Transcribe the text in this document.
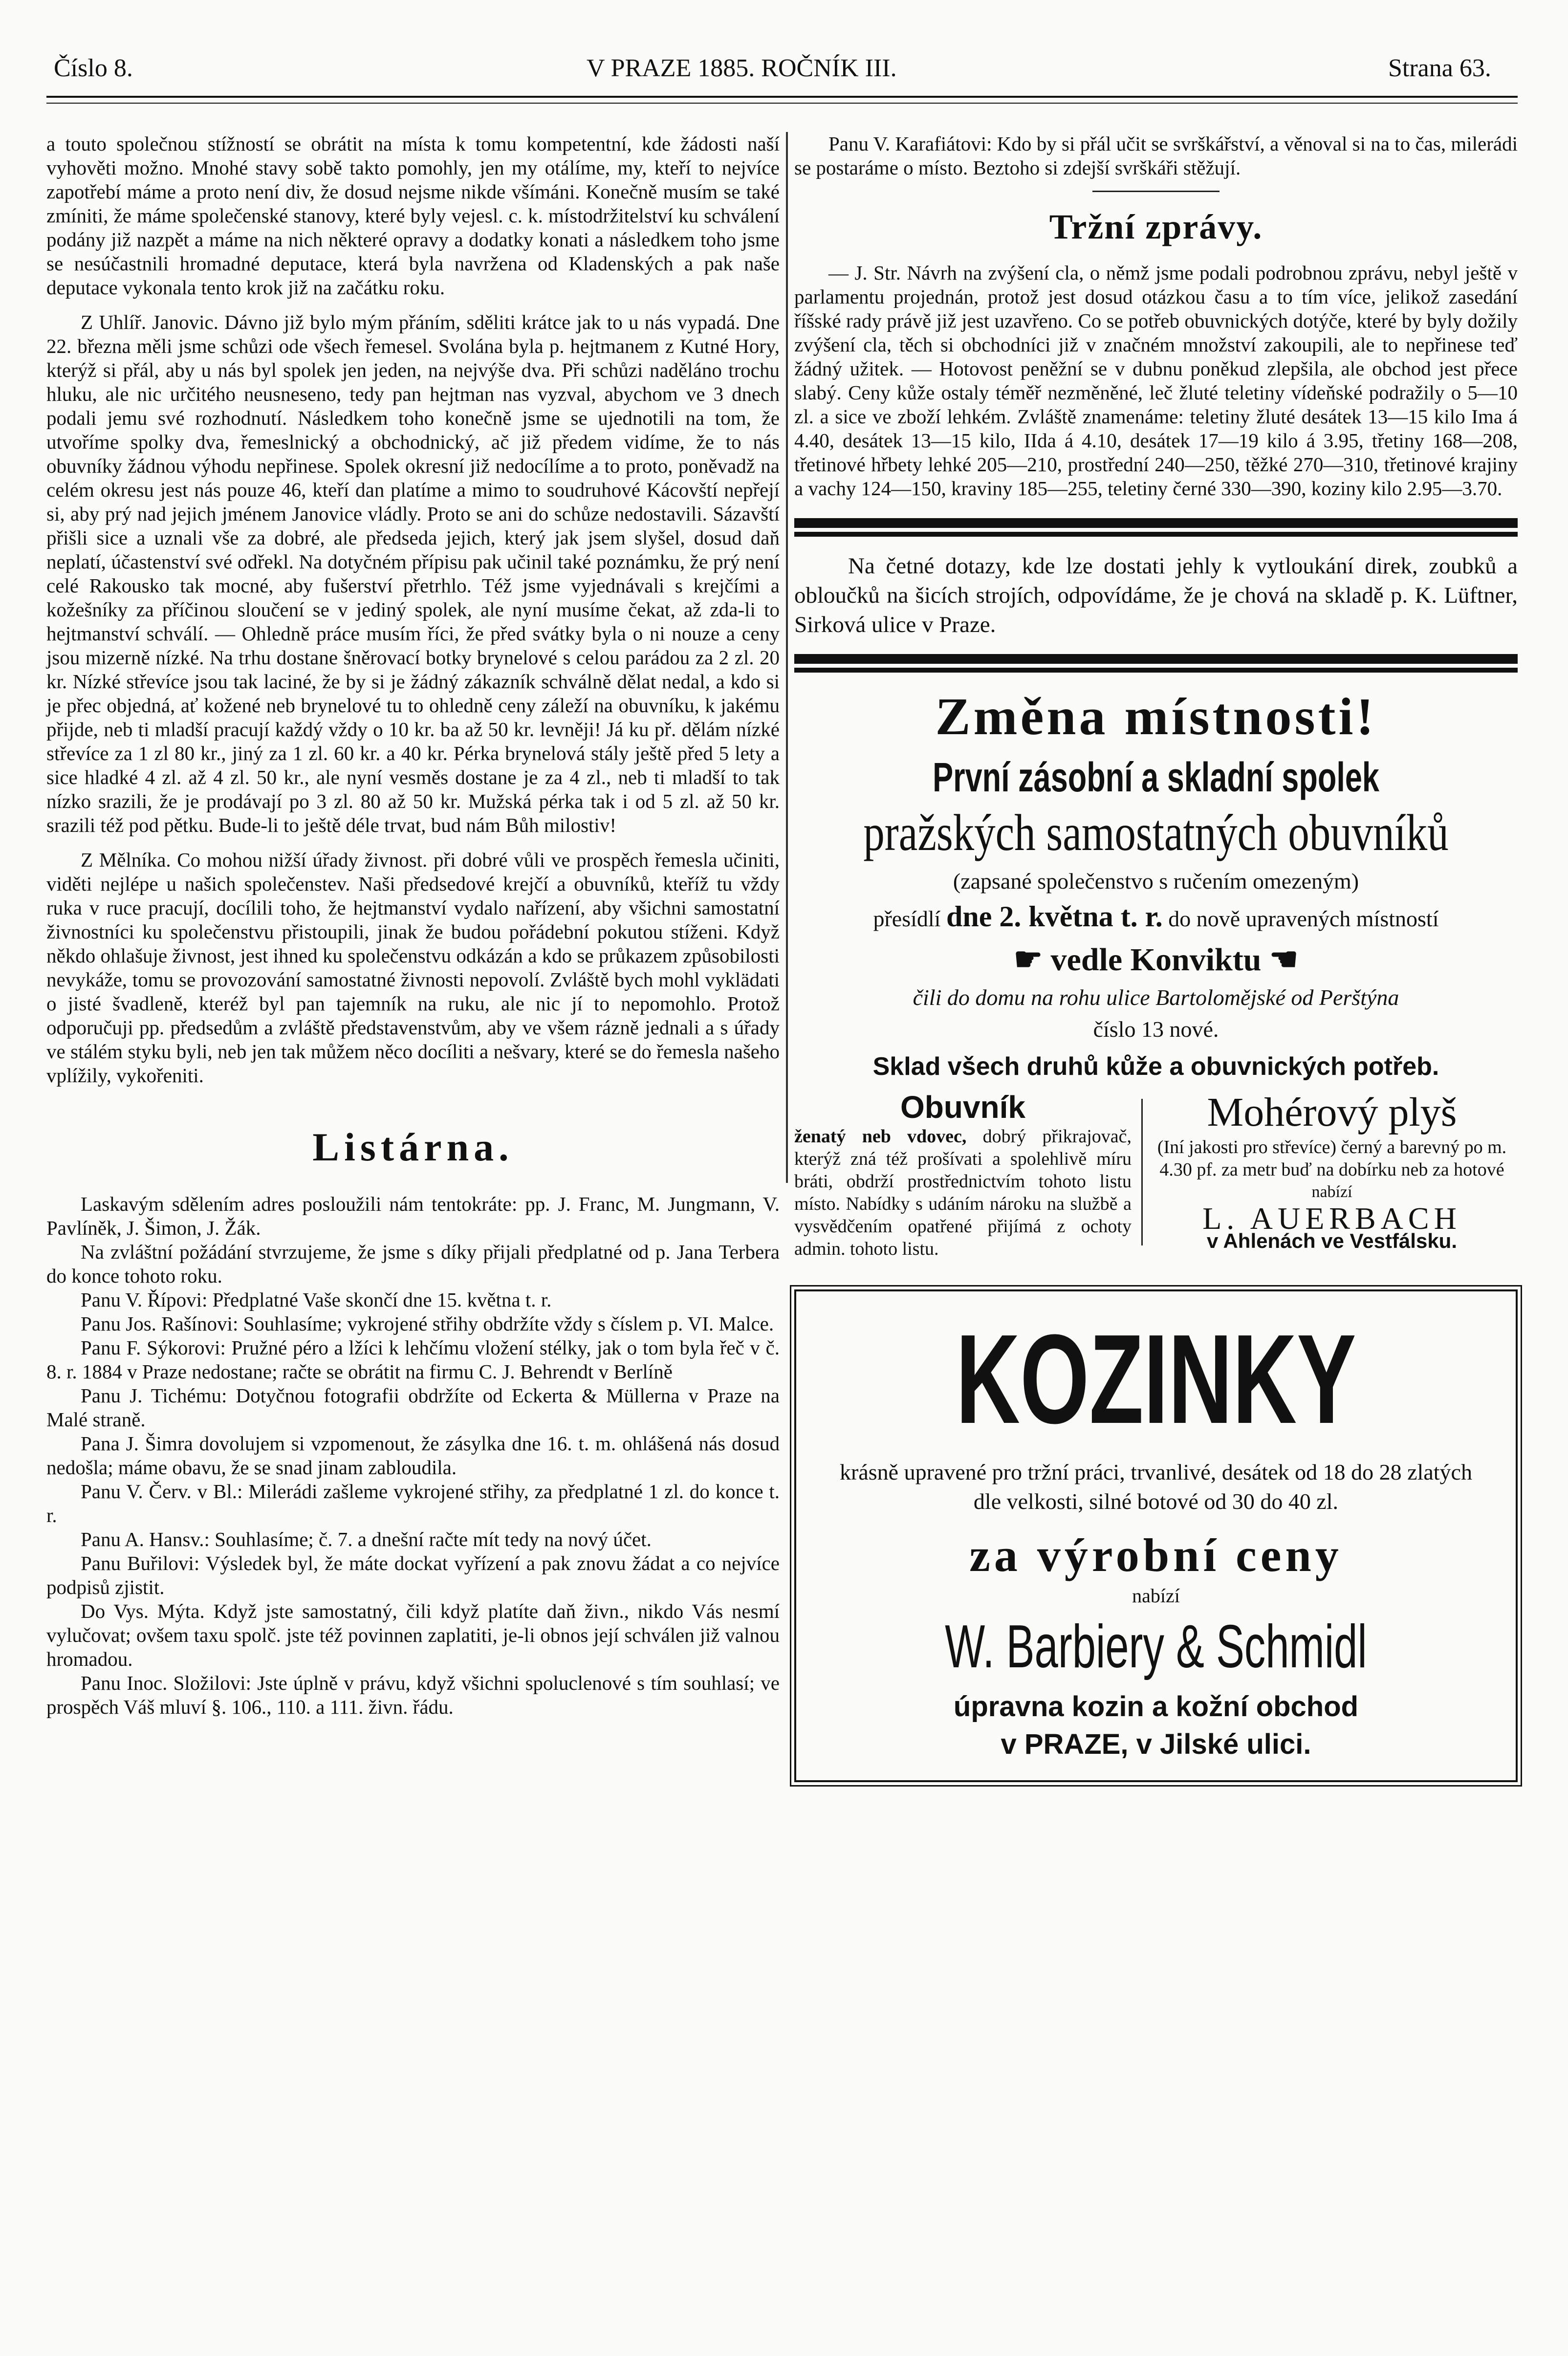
Číslo 8.	V PRAZE 1885. ROČNÍK III.	Strana 63.

a touto společnou stížností se obrátit na místa k tomu kompetentní, kde žádosti naší vyhověti možno. Mnohé stavy sobě takto pomohly, jen my otálíme, my, kteří to nejvíce zapotřebí máme a proto není div, že dosud nejsme nikde všímáni. Konečně musím se také zmíniti, že máme společenské stanovy, které byly vejesl. c. k. místodržitelství ku schválení podány již nazpět a máme na nich některé opravy a dodatky konati a následkem toho jsme se nesúčastnili hromadné deputace, která byla navržena od Kladenských a pak naše deputace vykonala tento krok již na začátku roku.

Z Uhlíř. Janovic. Dávno již bylo mým přáním, sděliti krátce jak to u nás vypadá. Dne 22. března měli jsme schůzi ode všech řemesel. Svolána byla p. hejtmanem z Kutné Hory, kterýž si přál, aby u nás byl spolek jen jeden, na nejvýše dva. Při schůzi naděláno trochu hluku, ale nic určitého neusneseno, tedy pan hejtman nas vyzval, abychom ve 3 dnech podali jemu své rozhodnutí. Následkem toho konečně jsme se ujednotili na tom, že utvoříme spolky dva, řemeslnický a obchodnický, ač již předem vidíme, že to nás obuvníky žádnou výhodu nepřinese. Spolek okresní již nedocílíme a to proto, poněvadž na celém okresu jest nás pouze 46, kteří dan platíme a mimo to soudruhové Kácovští nepřejí si, aby prý nad jejich jménem Janovice vládly. Proto se ani do schůze nedostavili. Sázavští přišli sice a uznali vše za dobré, ale předseda jejich, který jak jsem slyšel, dosud daň neplatí, účastenství své odřekl. Na dotyčném přípisu pak učinil také poznámku, že prý není celé Rakousko tak mocné, aby fušerství přetrhlo. Též jsme vyjednávali s krejčími a kožešníky za příčinou sloučení se v jediný spolek, ale nyní musíme čekat, až zda-li to hejtmanství schválí. — Ohledně práce musím říci, že před svátky byla o ni nouze a ceny jsou mizerně nízké. Na trhu dostane šněrovací botky brynelové s celou parádou za 2 zl. 20 kr. Nízké střevíce jsou tak laciné, že by si je žádný zákazník schválně dělat nedal, a kdo si je přec objedná, ať kožené neb brynelové tu to ohledně ceny záleží na obuvníku, k jakému přijde, neb ti mladší pracují každý vždy o 10 kr. ba až 50 kr. levněji! Já ku př. dělám nízké střevíce za 1 zl 80 kr., jiný za 1 zl. 60 kr. a 40 kr. Pérka brynelová stály ještě před 5 lety a sice hladké 4 zl. až 4 zl. 50 kr., ale nyní vesměs dostane je za 4 zl., neb ti mladší to tak nízko srazili, že je prodávají po 3 zl. 80 až 50 kr. Mužská pérka tak i od 5 zl. až 50 kr. srazili též pod pětku. Bude-li to ještě déle trvat, bud nám Bůh milostiv!

Z Mělníka. Co mohou nižší úřady živnost. při dobré vůli ve prospěch řemesla učiniti, viděti nejlépe u našich společenstev. Naši předsedové krejčí a obuvníků, kteříž tu vždy ruka v ruce pracují, docílili toho, že hejtmanství vydalo nařízení, aby všichni samostatní živnostníci ku společenstvu přistoupili, jinak že budou pořádební pokutou stíženi. Když někdo ohlašuje živnost, jest ihned ku společenstvu odkázán a kdo se průkazem způsobilosti nevykáže, tomu se provozování samostatné živnosti nepovolí. Zvláště bych mohl vyklädati o jisté švadleně, kteréž byl pan tajemník na ruku, ale nic jí to nepomohlo. Protož odporučuji pp. předsedům a zvláště představenstvům, aby ve všem rázně jednali a s úřady ve stálém styku byli, neb jen tak můžem něco docíliti a nešvary, které se do řemesla našeho vplížily, vykořeniti.

Listárna.

Laskavým sdělením adres posloužili nám tentokráte: pp. J. Franc, M. Jungmann, V. Pavlíněk, J. Šimon, J. Žák.

Na zvláštní požádání stvrzujeme, že jsme s díky přijali předplatné od p. Jana Terbera do konce tohoto roku.

Panu V. Řípovi: Předplatné Vaše skončí dne 15. května t. r.

Panu Jos. Rašínovi: Souhlasíme; vykrojené střihy obdržíte vždy s číslem p. VI. Malce.

Panu F. Sýkorovi: Pružné péro a lžíci k lehčímu vložení stélky, jak o tom byla řeč v č. 8. r. 1884 v Praze nedostane; račte se obrátit na firmu C. J. Behrendt v Berlíně

Panu J. Tichému: Dotyčnou fotografii obdržíte od Eckerta & Müllerna v Praze na Malé straně.

Pana J. Šimra dovolujem si vzpomenout, že zásylka dne 16. t. m. ohlášená nás dosud nedošla; máme obavu, že se snad jinam zabloudila.

Panu V. Červ. v Bl.: Milerádi zašleme vykrojené střihy, za předplatné 1 zl. do konce t. r.

Panu A. Hansv.: Souhlasíme; č. 7. a dnešní račte mít tedy na nový účet.

Panu Buřilovi: Výsledek byl, že máte dockat vyřízení a pak znovu žádat a co nejvíce podpisů zjistit.

Do Vys. Mýta. Když jste samostatný, čili když platíte daň živn., nikdo Vás nesmí vylučovat; ovšem taxu spolč. jste též povinnen zaplatiti, je-li obnos její schválen již valnou hromadou.

Panu Inoc. Složilovi: Jste úplně v právu, když všichni spoluclenové s tím souhlasí; ve prospěch Váš mluví §. 106., 110. a 111. živn. řádu.

Panu V. Karafiátovi: Kdo by si přál učit se svrškářství, a věnoval si na to čas, milerádi se postaráme o místo. Beztoho si zdejší svrškáři stěžují.

Tržní zprávy.

— J. Str. Návrh na zvýšení cla, o němž jsme podali podrobnou zprávu, nebyl ještě v parlamentu projednán, protož jest dosud otázkou času a to tím více, jelikož zasedání říšské rady právě již jest uzavřeno. Co se potřeb obuvnických dotýče, které by byly dožily zvýšení cla, těch si obchodníci již v značném množství zakoupili, ale to nepřinese teď žádný užitek. — Hotovost peněžní se v dubnu poněkud zlepšila, ale obchod jest přece slabý. Ceny kůže ostaly téměř nezměněné, leč žluté teletiny vídeňské podražily o 5—10 zl. a sice ve zboží lehkém. Zvláště znamenáme: teletiny žluté desátek 13—15 kilo Ima á 4.40, desátek 13—15 kilo, IIda á 4.10, desátek 17—19 kilo á 3.95, třetiny 168—208, třetinové hřbety lehké 205—210, prostřední 240—250, těžké 270—310, třetinové krajiny a vachy 124—150, kraviny 185—255, teletiny černé 330—390, koziny kilo 2.95—3.70.

Na četné dotazy, kde lze dostati jehly k vytloukání direk, zoubků a obloučků na šicích strojích, odpovídáme, že je chová na skladě p. K. Lüftner, Sirková ulice v Praze.

Změna místnosti!
První zásobní a skladní spolek
pražských samostatných obuvníků
(zapsané společenstvo s ručením omezeným)
přesídlí dne 2. května t. r. do nově upravených místností
☛ vedle Konviktu ☚
čili do domu na rohu ulice Bartolomějské od Perštýna
číslo 13 nové.
Sklad všech druhů kůže a obuvnických potřeb.
Obuvník
ženatý neb vdovec, dobrý přikrajovač, kterýž zná též prošívati a spolehlivě míru bráti, obdrží prostřednictvím tohoto listu místo. Nabídky s udáním nároku na službě a vysvědčením opatřené přijímá z ochoty admin. tohoto listu.
Mohérový plyš
(Iní jakosti pro střevíce) černý a barevný po m. 4.30 pf. za metr buď na dobírku neb za hotové
nabízí
L. AUERBACH
v Ahlenách ve Vestfálsku.
KOZINKY
krásně upravené pro tržní práci, trvanlivé, desátek od 18 do 28 zlatých dle velkosti, silné botové od 30 do 40 zl.
za výrobní ceny
nabízí
W. Barbiery & Schmidl
úpravna kozin a kožní obchod
v PRAZE, v Jilské ulici.
